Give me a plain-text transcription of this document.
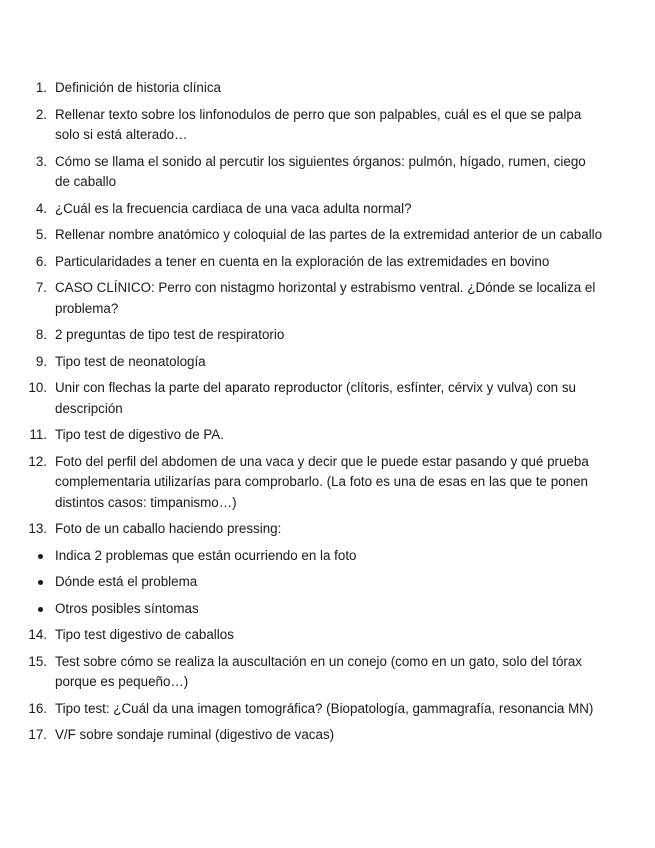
1. Definición de historia clínica
2. Rellenar texto sobre los linfonodulos de perro que son palpables, cuál es el que se palpa solo si está alterado…
3. Cómo se llama el sonido al percutir los siguientes órganos: pulmón, hígado, rumen, ciego de caballo
4. ¿Cuál es la frecuencia cardiaca de una vaca adulta normal?
5. Rellenar nombre anatómico y coloquial de las partes de la extremidad anterior de un caballo
6. Particularidades a tener en cuenta en la exploración de las extremidades en bovino
7. CASO CLÍNICO: Perro con nistagmo horizontal y estrabismo ventral. ¿Dónde se localiza el problema?
8. 2 preguntas de tipo test de respiratorio
9. Tipo test de neonatología
10. Unir con flechas la parte del aparato reproductor (clítoris, esfínter, cérvix y vulva) con su descripción
11. Tipo test de digestivo de PA.
12. Foto del perfil del abdomen de una vaca y decir que le puede estar pasando y qué prueba complementaria utilizarías para comprobarlo. (La foto es una de esas en las que te ponen distintos casos: timpanismo…)
13. Foto de un caballo haciendo pressing:
Indica 2 problemas que están ocurriendo en la foto
Dónde está el problema
Otros posibles síntomas
14. Tipo test digestivo de caballos
15. Test sobre cómo se realiza la auscultación en un conejo (como en un gato, solo del tórax porque es pequeño…)
16. Tipo test: ¿Cuál da una imagen tomográfica? (Biopatología, gammagrafía, resonancia MN)
17. V/F sobre sondaje ruminal (digestivo de vacas)
